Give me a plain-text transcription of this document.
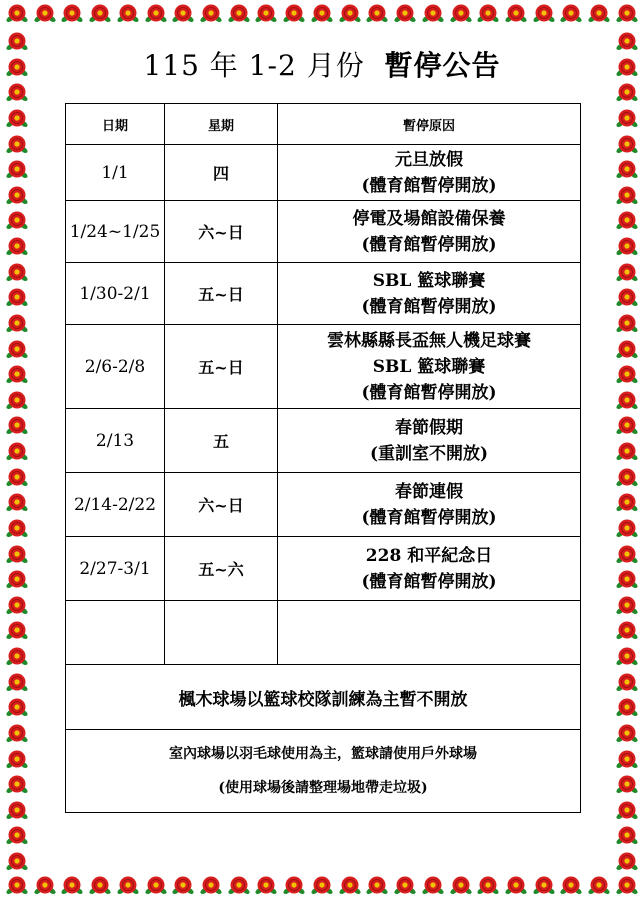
115 年 1-2 月份 暫停公告
日期	星期	暫停原因
1/1	四	元旦放假
(體育館暫停開放)

1/24~1/25	六~日	停電及場館設備保養
(體育館暫停開放)

1/30-2/1	五~日	SBL 籃球聯賽
(體育館暫停開放)

2/6-2/8	五~日	雲林縣縣長盃無人機足球賽
SBL 籃球聯賽
(體育館暫停開放)

2/13	五	春節假期
(重訓室不開放)

2/14-2/22	六~日	春節連假
(體育館暫停開放)

2/27-3/1	五~六	228 和平紀念日
(體育館暫停開放)

楓木球場以籃球校隊訓練為主暫不開放		

室內球場以羽毛球使用為主，籃球請使用戶外球場
(使用球場後請整理場地帶走垃圾)		
